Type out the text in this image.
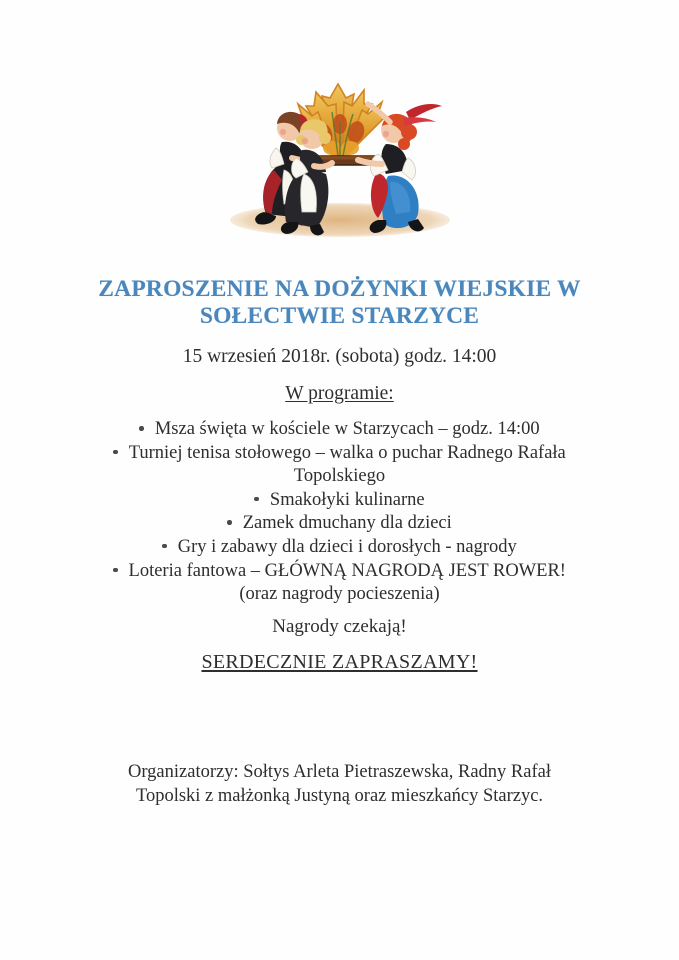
ZAPROSZENIE NA DOŻYNKI WIEJSKIE W
SOŁECTWIE STARZYCE
15 wrzesień 2018r. (sobota) godz. 14:00
W programie:
Msza święta w kościele w Starzycach – godz. 14:00
Turniej tenisa stołowego – walka o puchar Radnego Rafała
Topolskiego
Smakołyki kulinarne
Zamek dmuchany dla dzieci
Gry i zabawy dla dzieci i dorosłych - nagrody
Loteria fantowa – GŁÓWNĄ NAGRODĄ JEST ROWER!
(oraz nagrody pocieszenia)
Nagrody czekają!
SERDECZNIE ZAPRASZAMY!
Organizatorzy: Sołtys Arleta Pietraszewska, Radny Rafał
Topolski z małżonką Justyną oraz mieszkańcy Starzyc.
